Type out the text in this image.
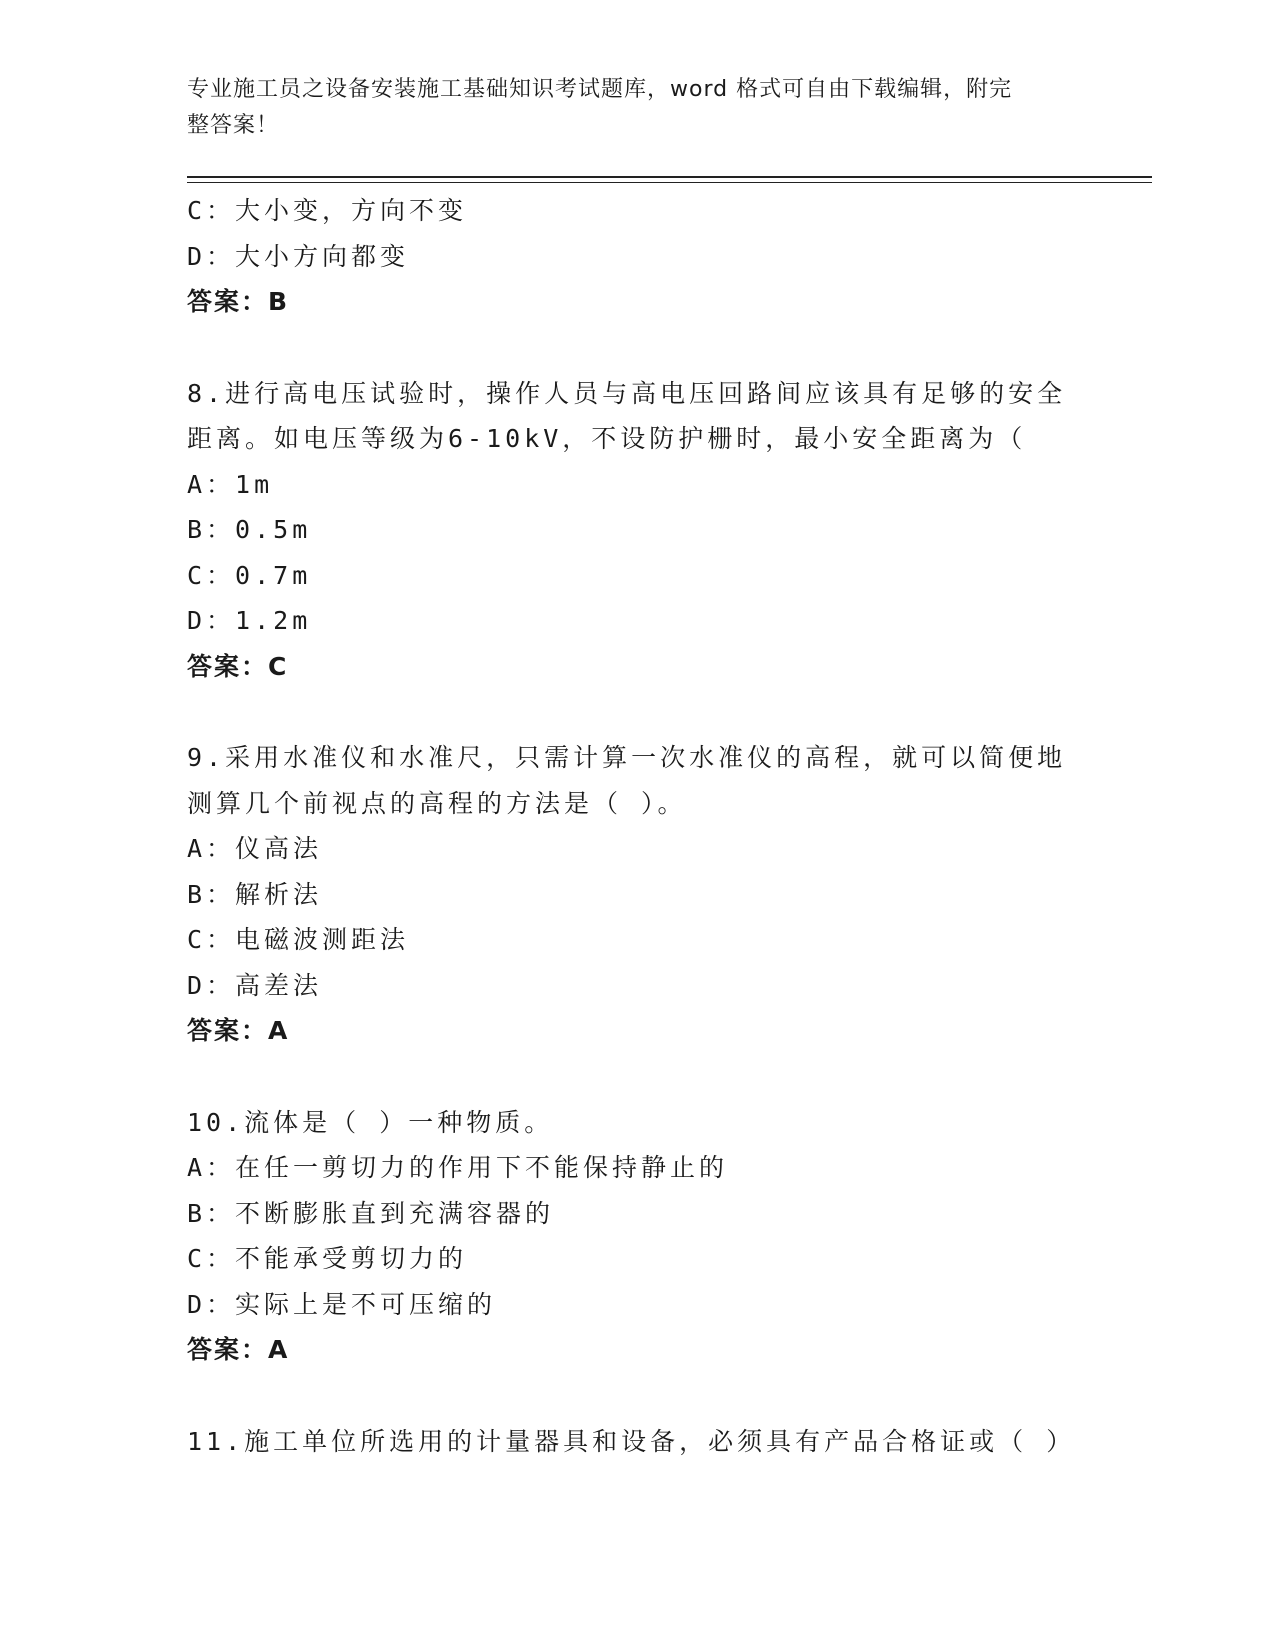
专业施工员之设备安装施工基础知识考试题库，word 格式可自由下载编辑，附完
整答案！
C：大小变，方向不变
D：大小方向都变
答案：B
8.进行高电压试验时，操作人员与高电压回路间应该具有足够的安全
距离。如电压等级为6-10kV，不设防护栅时，最小安全距离为（
A：1m
B：0.5m
C：0.7m
D：1.2m
答案：C
9.采用水准仪和水准尺，只需计算一次水准仪的高程，就可以简便地
测算几个前视点的高程的方法是（ ）。
A：仪高法
B：解析法
C：电磁波测距法
D：高差法
答案：A
10.流体是（ ）一种物质。
A：在任一剪切力的作用下不能保持静止的
B：不断膨胀直到充满容器的
C：不能承受剪切力的
D：实际上是不可压缩的
答案：A
11.施工单位所选用的计量器具和设备，必须具有产品合格证或（ ）
